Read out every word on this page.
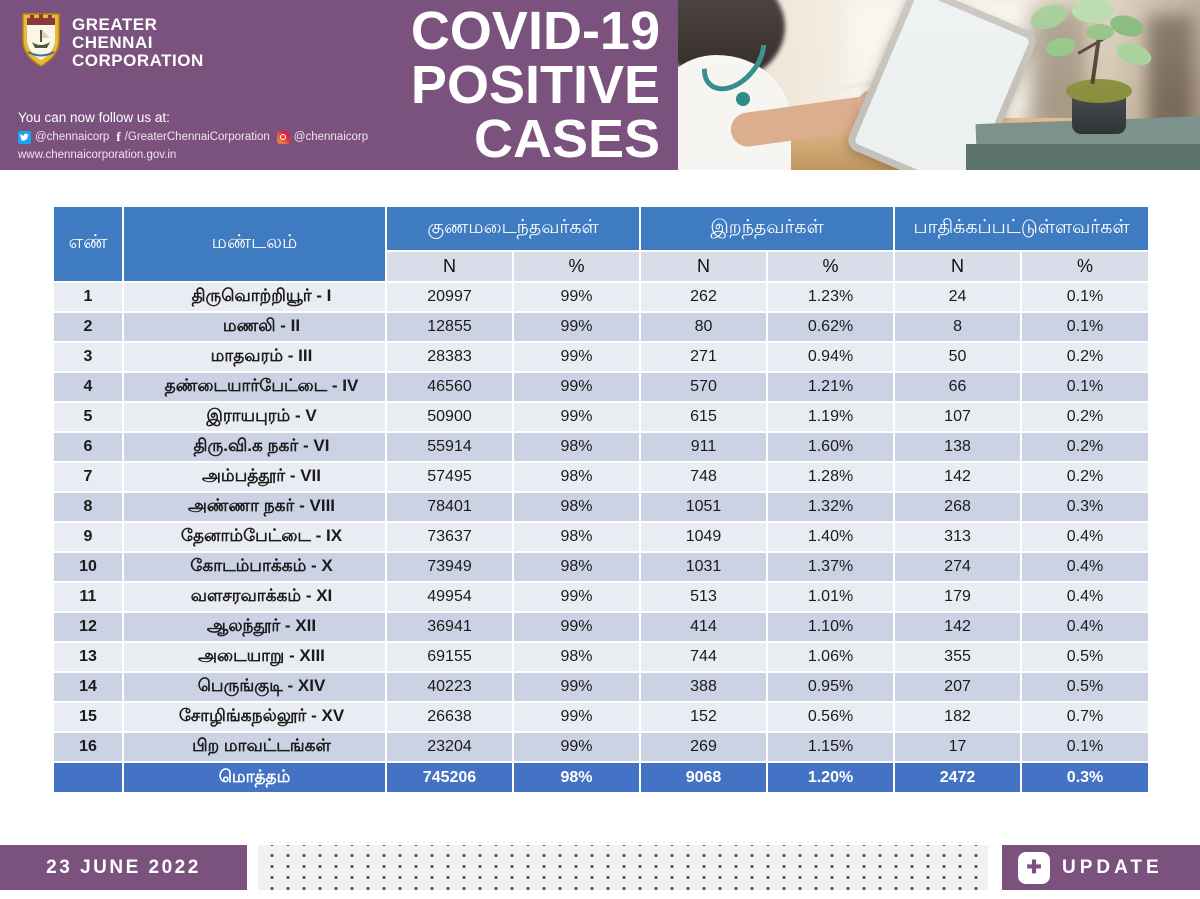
GREATER
CHENNAI
CORPORATION	COVID-19
POSITIVE
CASES
You can now follow us at:
@chennaicorp f /GreaterChennaiCorporation @chennaicorp
www.chennaicorporation.gov.in
எண்	மண்டலம்	குணமடைந்தவர்கள்		இறந்தவர்கள்		பாதிக்கப்பட்டுள்ளவர்கள்	
		N	%	N	%	N	%
1	திருவொற்றியூர் - I	20997	99%	262	1.23%	24	0.1%
2	மணலி - II	12855	99%	80	0.62%	8	0.1%
3	மாதவரம் - III	28383	99%	271	0.94%	50	0.2%
4	தண்டையார்பேட்டை - IV	46560	99%	570	1.21%	66	0.1%
5	இராயபுரம் - V	50900	99%	615	1.19%	107	0.2%
6	திரு.வி.க நகர் - VI	55914	98%	911	1.60%	138	0.2%
7	அம்பத்தூர் - VII	57495	98%	748	1.28%	142	0.2%
8	அண்ணா நகர் - VIII	78401	98%	1051	1.32%	268	0.3%
9	தேனாம்பேட்டை - IX	73637	98%	1049	1.40%	313	0.4%
10	கோடம்பாக்கம் - X	73949	98%	1031	1.37%	274	0.4%
11	வளசரவாக்கம் - XI	49954	99%	513	1.01%	179	0.4%
12	ஆலந்தூர் - XII	36941	99%	414	1.10%	142	0.4%
13	அடையாறு - XIII	69155	98%	744	1.06%	355	0.5%
14	பெருங்குடி - XIV	40223	99%	388	0.95%	207	0.5%
15	சோழிங்கநல்லூர் - XV	26638	99%	152	0.56%	182	0.7%
16	பிற மாவட்டங்கள்	23204	99%	269	1.15%	17	0.1%
	மொத்தம்	745206	98%	9068	1.20%	2472	0.3%
23 JUNE 2022	✚	UPDATE
